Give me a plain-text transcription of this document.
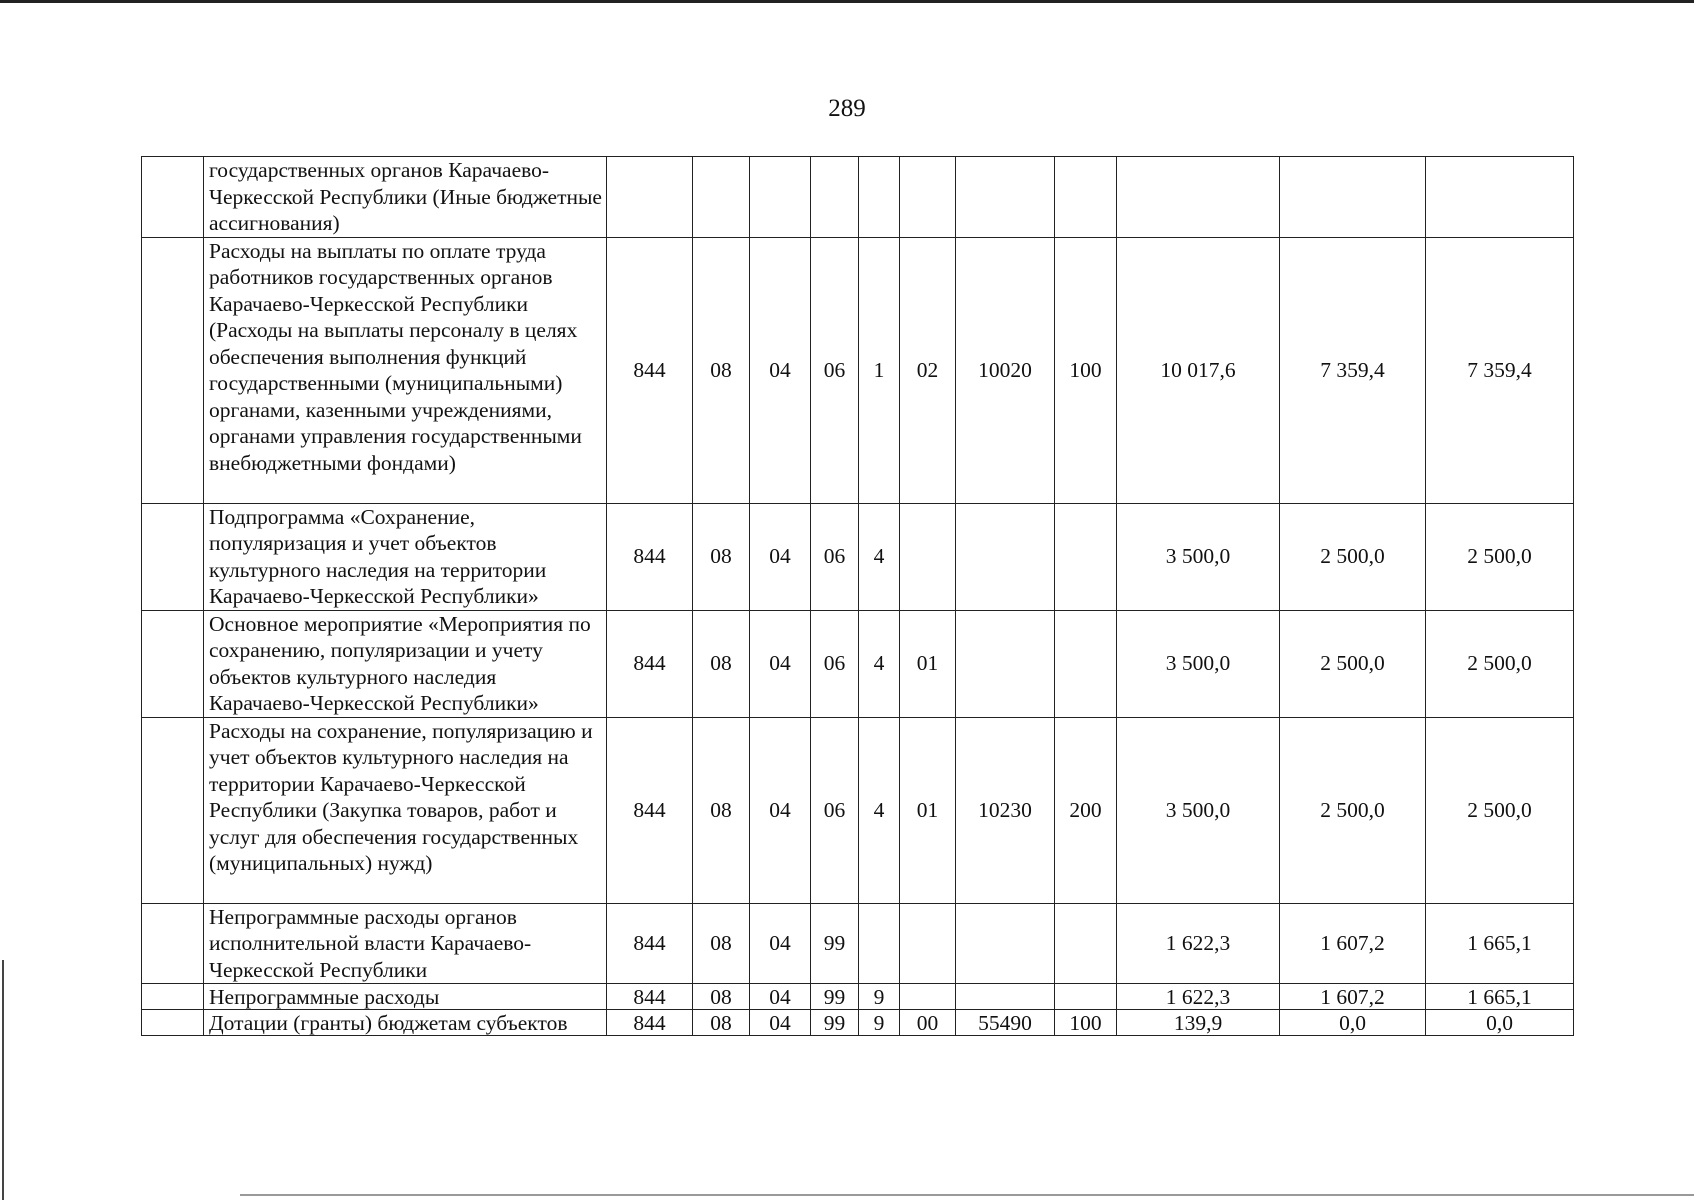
289
	государственных органов Карачаево-Черкесской Республики (Иные бюджетные ассигнования)											
	Расходы на выплаты по оплате труда работников государственных органов Карачаево-Черкесской Республики (Расходы на выплаты персоналу в целях обеспечения выполнения функций государственными (муниципальными) органами, казенными учреждениями, органами управления государственными внебюджетными фондами)	844	08	04	06	1	02	10020	100	10 017,6	7 359,4	7 359,4
	Подпрограмма «Сохранение, популяризация и учет объектов культурного наследия на территории Карачаево-Черкесской Республики»	844	08	04	06	4				3 500,0	2 500,0	2 500,0
	Основное мероприятие «Мероприятия по сохранению, популяризации и учету объектов культурного наследия Карачаево-Черкесской Республики»	844	08	04	06	4	01			3 500,0	2 500,0	2 500,0
	Расходы на сохранение, популяризацию и учет объектов культурного наследия на территории Карачаево-Черкесской Республики (Закупка товаров, работ и услуг для обеспечения государственных (муниципальных) нужд)	844	08	04	06	4	01	10230	200	3 500,0	2 500,0	2 500,0
	Непрограммные расходы органов исполнительной власти Карачаево-Черкесской Республики	844	08	04	99					1 622,3	1 607,2	1 665,1
	Непрограммные расходы	844	08	04	99	9				1 622,3	1 607,2	1 665,1
	Дотации (гранты) бюджетам субъектов	844	08	04	99	9	00	55490	100	139,9	0,0	0,0
